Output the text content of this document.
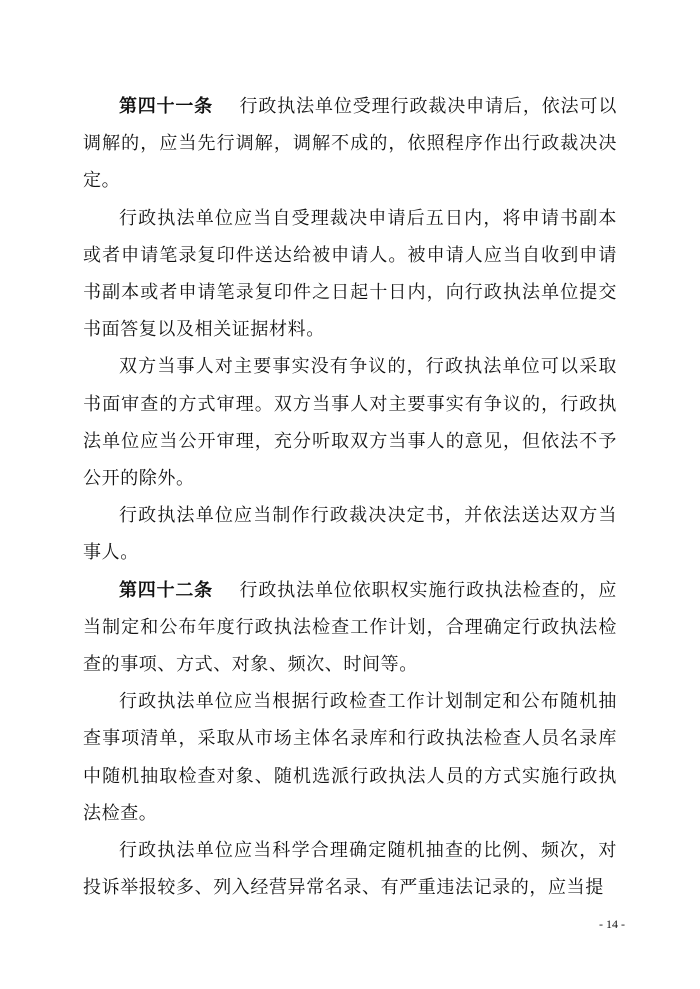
第四十一条 行政执法单位受理行政裁决申请后，依法可以调解的，应当先行调解，调解不成的，依照程序作出行政裁决决定。

行政执法单位应当自受理裁决申请后五日内，将申请书副本或者申请笔录复印件送达给被申请人。被申请人应当自收到申请书副本或者申请笔录复印件之日起十日内，向行政执法单位提交书面答复以及相关证据材料。

双方当事人对主要事实没有争议的，行政执法单位可以采取书面审查的方式审理。双方当事人对主要事实有争议的，行政执法单位应当公开审理，充分听取双方当事人的意见，但依法不予公开的除外。

行政执法单位应当制作行政裁决决定书，并依法送达双方当事人。

第四十二条 行政执法单位依职权实施行政执法检查的，应当制定和公布年度行政执法检查工作计划，合理确定行政执法检查的事项、方式、对象、频次、时间等。

行政执法单位应当根据行政检查工作计划制定和公布随机抽查事项清单，采取从市场主体名录库和行政执法检查人员名录库中随机抽取检查对象、随机选派行政执法人员的方式实施行政执法检查。

行政执法单位应当科学合理确定随机抽查的比例、频次，对投诉举报较多、列入经营异常名录、有严重违法记录的，应当提

- 14 -
